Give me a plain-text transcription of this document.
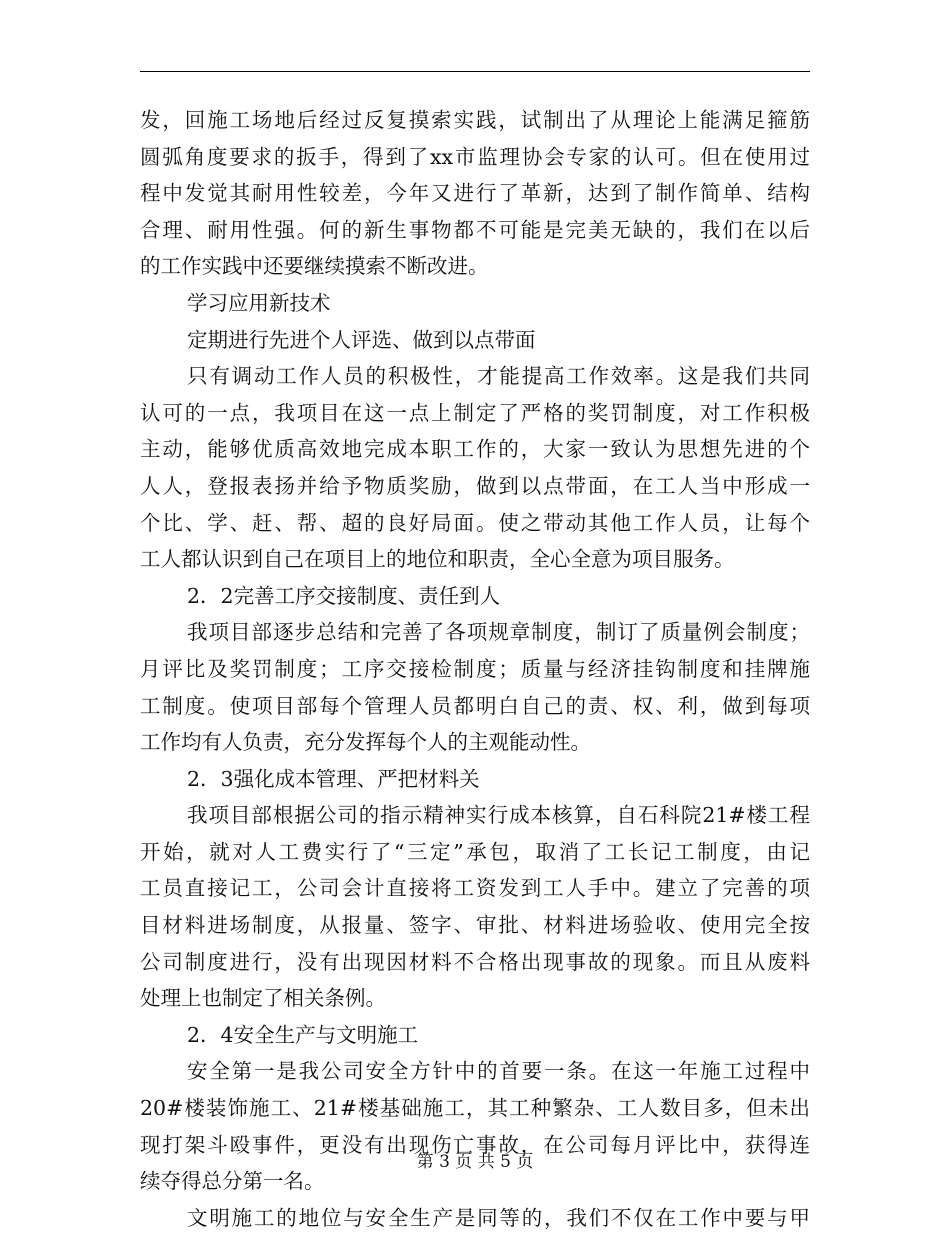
发，回施工场地后经过反复摸索实践，试制出了从理论上能满足箍筋
圆弧角度要求的扳手，得到了xx市监理协会专家的认可。但在使用过
程中发觉其耐用性较差，今年又进行了革新，达到了制作简单、结构
合理、耐用性强。何的新生事物都不可能是完美无缺的，我们在以后
的工作实践中还要继续摸索不断改进。
学习应用新技术
定期进行先进个人评选、做到以点带面
只有调动工作人员的积极性，才能提高工作效率。这是我们共同
认可的一点，我项目在这一点上制定了严格的奖罚制度，对工作积极
主动，能够优质高效地完成本职工作的，大家一致认为思想先进的个
人人，登报表扬并给予物质奖励，做到以点带面，在工人当中形成一
个比、学、赶、帮、超的良好局面。使之带动其他工作人员，让每个
工人都认识到自己在项目上的地位和职责，全心全意为项目服务。
2．2完善工序交接制度、责任到人
我项目部逐步总结和完善了各项规章制度，制订了质量例会制度；
月评比及奖罚制度；工序交接检制度；质量与经济挂钩制度和挂牌施
工制度。使项目部每个管理人员都明白自己的责、权、利，做到每项
工作均有人负责，充分发挥每个人的主观能动性。
2．3强化成本管理、严把材料关
我项目部根据公司的指示精神实行成本核算，自石科院21#楼工程
开始，就对人工费实行了“三定”承包，取消了工长记工制度，由记
工员直接记工，公司会计直接将工资发到工人手中。建立了完善的项
目材料进场制度，从报量、签字、审批、材料进场验收、使用完全按
公司制度进行，没有出现因材料不合格出现事故的现象。而且从废料
处理上也制定了相关条例。
2．4安全生产与文明施工
安全第一是我公司安全方针中的首要一条。在这一年施工过程中
20#楼装饰施工、21#楼基础施工，其工种繁杂、工人数目多，但未出
现打架斗殴事件，更没有出现伤亡事故，在公司每月评比中，获得连
续夺得总分第一名。
文明施工的地位与安全生产是同等的，我们不仅在工作中要与甲
第 3 页 共 5 页
